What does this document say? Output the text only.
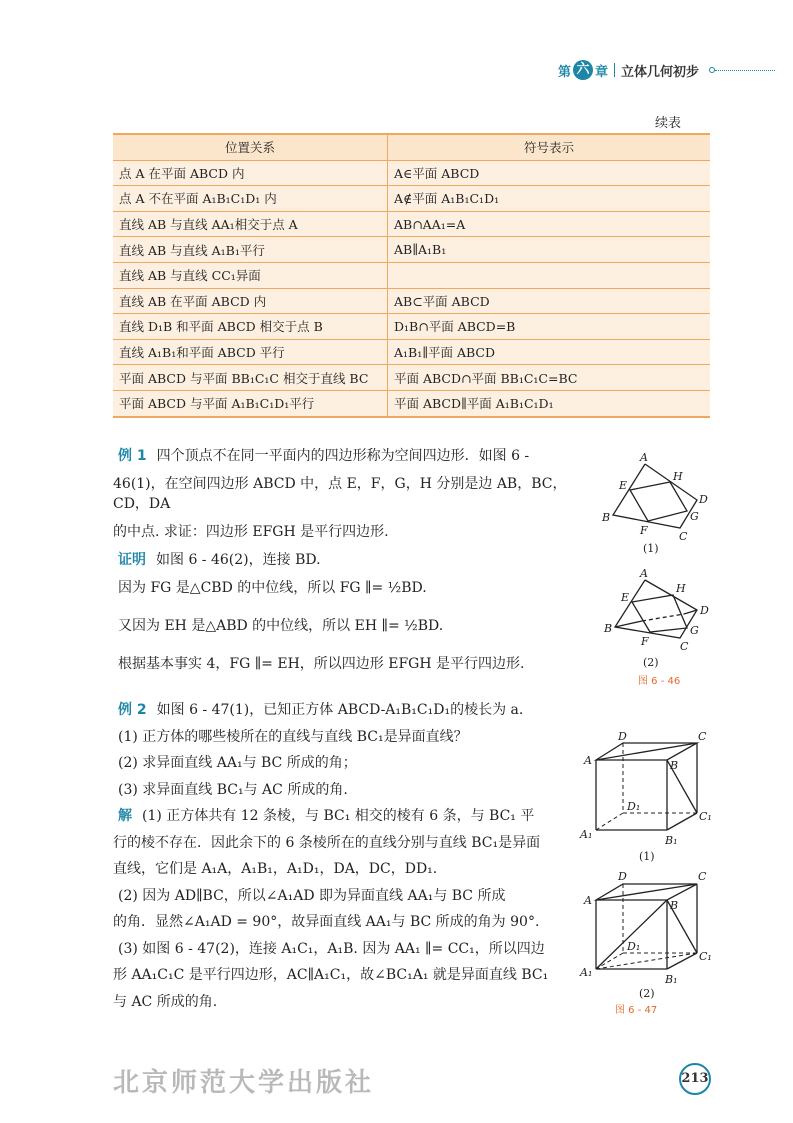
第 六 章 立体几何初步
续表
位置关系	符号表示
点 A 在平面 ABCD 内	A∈平面 ABCD
点 A 不在平面 A₁B₁C₁D₁ 内	A∉平面 A₁B₁C₁D₁
直线 AB 与直线 AA₁相交于点 A	AB∩AA₁=A
直线 AB 与直线 A₁B₁平行	AB∥A₁B₁
直线 AB 与直线 CC₁异面	
直线 AB 在平面 ABCD 内	AB⊂平面 ABCD
直线 D₁B 和平面 ABCD 相交于点 B	D₁B∩平面 ABCD=B
直线 A₁B₁和平面 ABCD 平行	A₁B₁∥平面 ABCD
平面 ABCD 与平面 BB₁C₁C 相交于直线 BC	平面 ABCD∩平面 BB₁C₁C=BC
平面 ABCD 与平面 A₁B₁C₁D₁平行	平面 ABCD∥平面 A₁B₁C₁D₁
例 1 四个顶点不在同一平面内的四边形称为空间四边形．如图 6 -
46(1)，在空间四边形 ABCD 中，点 E，F，G，H 分别是边 AB，BC，CD，DA
的中点. 求证：四边形 EFGH 是平行四边形.
证明 如图 6 - 46(2)，连接 BD.
因为 FG 是△CBD 的中位线，所以 FG ∥= ½BD.
又因为 EH 是△ABD 的中位线，所以 EH ∥= ½BD.
根据基本事实 4，FG ∥= EH，所以四边形 EFGH 是平行四边形.
例 2 如图 6 - 47(1)，已知正方体 ABCD-A₁B₁C₁D₁的棱长为 a.
(1) 正方体的哪些棱所在的直线与直线 BC₁是异面直线？
(2) 求异面直线 AA₁与 BC 所成的角；
(3) 求异面直线 BC₁与 AC 所成的角.
解 (1) 正方体共有 12 条棱，与 BC₁ 相交的棱有 6 条，与 BC₁ 平
行的棱不存在．因此余下的 6 条棱所在的直线分别与直线 BC₁是异面
直线，它们是 A₁A，A₁B₁，A₁D₁，DA，DC，DD₁.
(2) 因为 AD∥BC，所以∠A₁AD 即为异面直线 AA₁与 BC 所成
的角．显然∠A₁AD = 90°，故异面直线 AA₁与 BC 所成的角为 90°.
(3) 如图 6 - 47(2)，连接 A₁C₁，A₁B. 因为 AA₁ ∥= CC₁，所以四边
形 AA₁C₁C 是平行四边形，AC∥A₁C₁，故∠BC₁A₁ 就是异面直线 BC₁
与 AC 所成的角.
A
H
D
G
C
F
B
E
(1)
A
H
D
G
C
F
B
E
(2)
图 6 - 46
D	C
A	B
D₁
C₁
A₁	B₁
(1)
D	C
A	B
D₁
C₁
A₁
B₁
(2)
图 6 - 47
北京师范大学出版社	213
